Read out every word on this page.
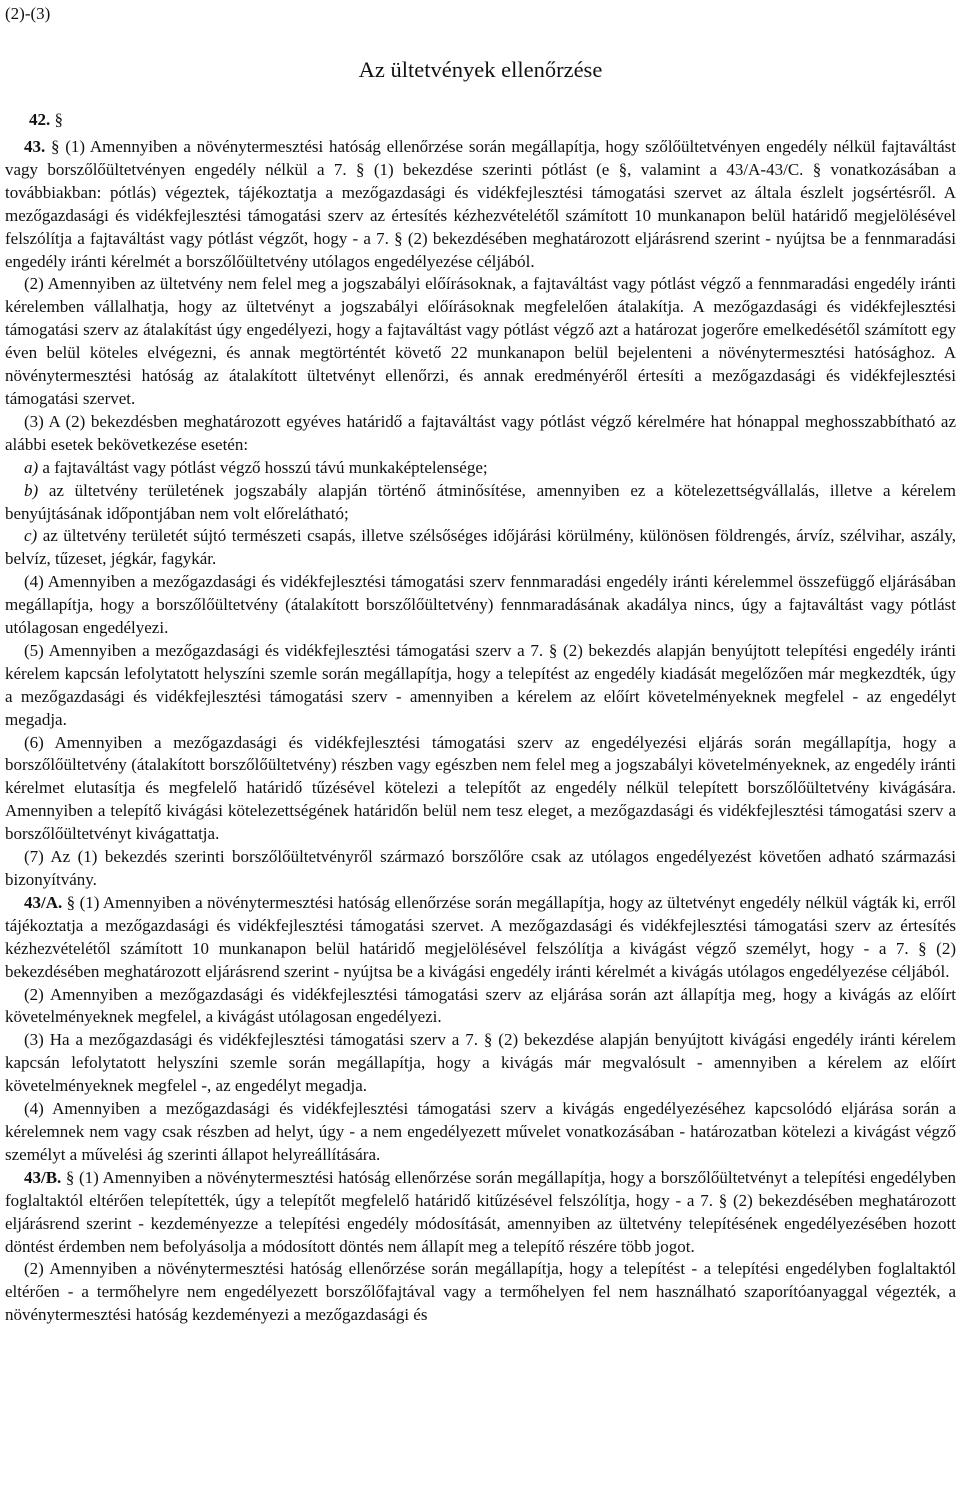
(2)-(3)
Az ültetvények ellenőrzése
42. §

43. § (1) Amennyiben a növénytermesztési hatóság ellenőrzése során megállapítja, hogy szőlőültetvényen engedély nélkül fajtaváltást vagy borszőlőültetvényen engedély nélkül a 7. § (1) bekezdése szerinti pótlást (e §, valamint a 43/A-43/C. § vonatkozásában a továbbiakban: pótlás) végeztek, tájékoztatja a mezőgazdasági és vidékfejlesztési támogatási szervet az általa észlelt jogsértésről. A mezőgazdasági és vidékfejlesztési támogatási szerv az értesítés kézhezvételétől számított 10 munkanapon belül határidő megjelölésével felszólítja a fajtaváltást vagy pótlást végzőt, hogy - a 7. § (2) bekezdésében meghatározott eljárásrend szerint - nyújtsa be a fennmaradási engedély iránti kérelmét a borszőlőültetvény utólagos engedélyezése céljából.

(2) Amennyiben az ültetvény nem felel meg a jogszabályi előírásoknak, a fajtaváltást vagy pótlást végző a fennmaradási engedély iránti kérelemben vállalhatja, hogy az ültetvényt a jogszabályi előírásoknak megfelelően átalakítja. A mezőgazdasági és vidékfejlesztési támogatási szerv az átalakítást úgy engedélyezi, hogy a fajtaváltást vagy pótlást végző azt a határozat jogerőre emelkedésétől számított egy éven belül köteles elvégezni, és annak megtörténtét követő 22 munkanapon belül bejelenteni a növénytermesztési hatósághoz. A növénytermesztési hatóság az átalakított ültetvényt ellenőrzi, és annak eredményéről értesíti a mezőgazdasági és vidékfejlesztési támogatási szervet.

(3) A (2) bekezdésben meghatározott egyéves határidő a fajtaváltást vagy pótlást végző kérelmére hat hónappal meghosszabbítható az alábbi esetek bekövetkezése esetén:

a) a fajtaváltást vagy pótlást végző hosszú távú munkaképtelensége;

b) az ültetvény területének jogszabály alapján történő átminősítése, amennyiben ez a kötelezettségvállalás, illetve a kérelem benyújtásának időpontjában nem volt előrelátható;

c) az ültetvény területét sújtó természeti csapás, illetve szélsőséges időjárási körülmény, különösen földrengés, árvíz, szélvihar, aszály, belvíz, tűzeset, jégkár, fagykár.

(4) Amennyiben a mezőgazdasági és vidékfejlesztési támogatási szerv fennmaradási engedély iránti kérelemmel összefüggő eljárásában megállapítja, hogy a borszőlőültetvény (átalakított borszőlőültetvény) fennmaradásának akadálya nincs, úgy a fajtaváltást vagy pótlást utólagosan engedélyezi.

(5) Amennyiben a mezőgazdasági és vidékfejlesztési támogatási szerv a 7. § (2) bekezdés alapján benyújtott telepítési engedély iránti kérelem kapcsán lefolytatott helyszíni szemle során megállapítja, hogy a telepítést az engedély kiadását megelőzően már megkezdték, úgy a mezőgazdasági és vidékfejlesztési támogatási szerv - amennyiben a kérelem az előírt követelményeknek megfelel - az engedélyt megadja.

(6) Amennyiben a mezőgazdasági és vidékfejlesztési támogatási szerv az engedélyezési eljárás során megállapítja, hogy a borszőlőültetvény (átalakított borszőlőültetvény) részben vagy egészben nem felel meg a jogszabályi követelményeknek, az engedély iránti kérelmet elutasítja és megfelelő határidő tűzésével kötelezi a telepítőt az engedély nélkül telepített borszőlőültetvény kivágására. Amennyiben a telepítő kivágási kötelezettségének határidőn belül nem tesz eleget, a mezőgazdasági és vidékfejlesztési támogatási szerv a borszőlőültetvényt kivágattatja.

(7) Az (1) bekezdés szerinti borszőlőültetvényről származó borszőlőre csak az utólagos engedélyezést követően adható származási bizonyítvány.

43/A. § (1) Amennyiben a növénytermesztési hatóság ellenőrzése során megállapítja, hogy az ültetvényt engedély nélkül vágták ki, erről tájékoztatja a mezőgazdasági és vidékfejlesztési támogatási szervet. A mezőgazdasági és vidékfejlesztési támogatási szerv az értesítés kézhezvételétől számított 10 munkanapon belül határidő megjelölésével felszólítja a kivágást végző személyt, hogy - a 7. § (2) bekezdésében meghatározott eljárásrend szerint - nyújtsa be a kivágási engedély iránti kérelmét a kivágás utólagos engedélyezése céljából.

(2) Amennyiben a mezőgazdasági és vidékfejlesztési támogatási szerv az eljárása során azt állapítja meg, hogy a kivágás az előírt követelményeknek megfelel, a kivágást utólagosan engedélyezi.

(3) Ha a mezőgazdasági és vidékfejlesztési támogatási szerv a 7. § (2) bekezdése alapján benyújtott kivágási engedély iránti kérelem kapcsán lefolytatott helyszíni szemle során megállapítja, hogy a kivágás már megvalósult - amennyiben a kérelem az előírt követelményeknek megfelel -, az engedélyt megadja.

(4) Amennyiben a mezőgazdasági és vidékfejlesztési támogatási szerv a kivágás engedélyezéséhez kapcsolódó eljárása során a kérelemnek nem vagy csak részben ad helyt, úgy - a nem engedélyezett művelet vonatkozásában - határozatban kötelezi a kivágást végző személyt a művelési ág szerinti állapot helyreállítására.

43/B. § (1) Amennyiben a növénytermesztési hatóság ellenőrzése során megállapítja, hogy a borszőlőültetvényt a telepítési engedélyben foglaltaktól eltérően telepítették, úgy a telepítőt megfelelő határidő kitűzésével felszólítja, hogy - a 7. § (2) bekezdésében meghatározott eljárásrend szerint - kezdeményezze a telepítési engedély módosítását, amennyiben az ültetvény telepítésének engedélyezésében hozott döntést érdemben nem befolyásolja a módosított döntés nem állapít meg a telepítő részére több jogot.

(2) Amennyiben a növénytermesztési hatóság ellenőrzése során megállapítja, hogy a telepítést - a telepítési engedélyben foglaltaktól eltérően - a termőhelyre nem engedélyezett borszőlőfajtával vagy a termőhelyen fel nem használható szaporítóanyaggal végezték, a növénytermesztési hatóság kezdeményezi a mezőgazdasági és
